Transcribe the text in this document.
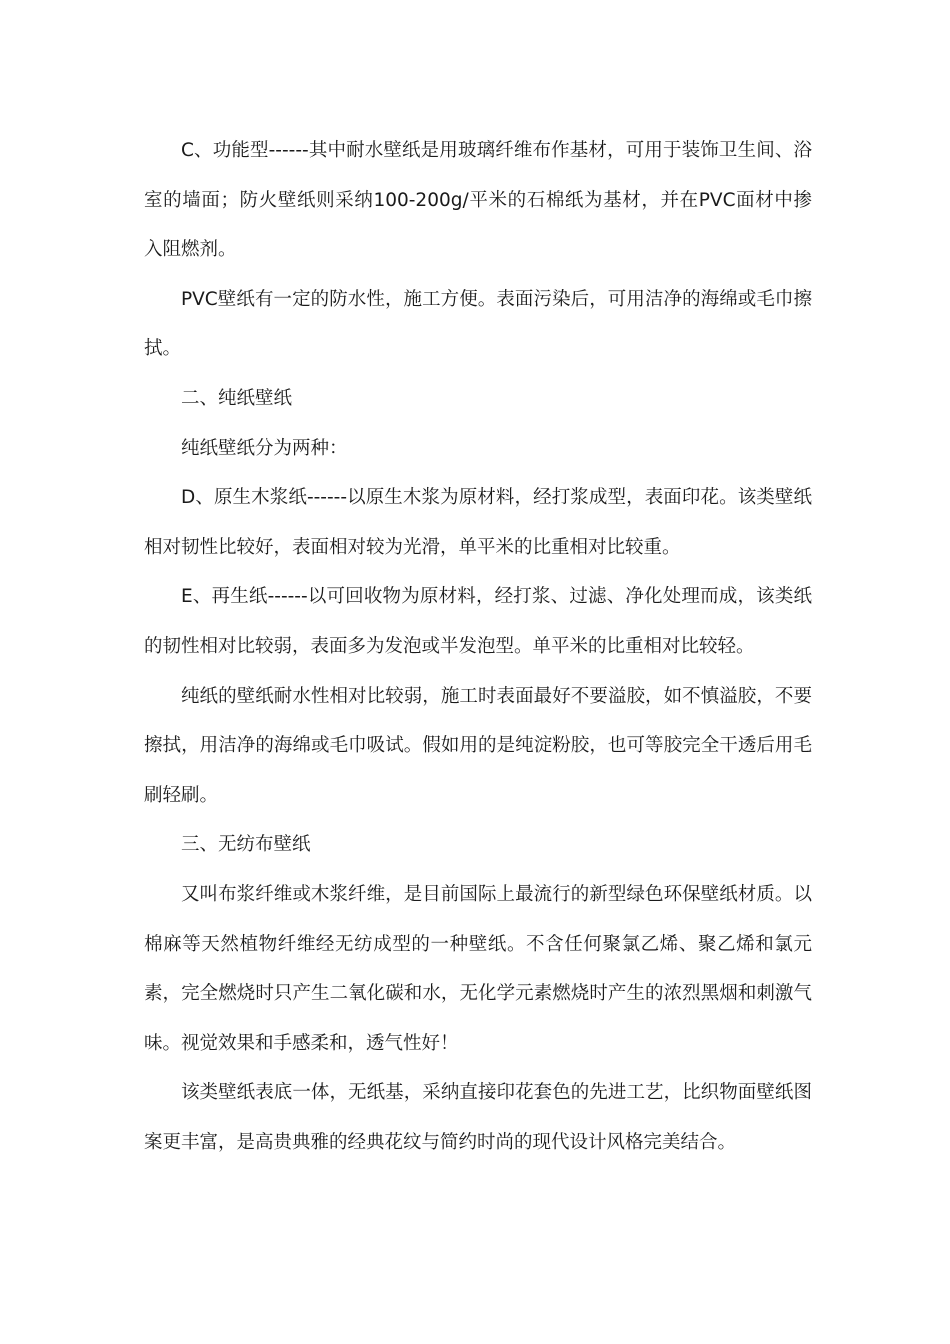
C、功能型------其中耐水壁纸是用玻璃纤维布作基材，可用于装饰卫生间、浴室的墙面；防火壁纸则采纳100-200g/平米的石棉纸为基材，并在PVC面材中掺入阻燃剂。

PVC壁纸有一定的防水性，施工方便。表面污染后，可用洁净的海绵或毛巾擦拭。

二、纯纸壁纸

纯纸壁纸分为两种：

D、原生木浆纸------以原生木浆为原材料，经打浆成型，表面印花。该类壁纸相对韧性比较好，表面相对较为光滑，单平米的比重相对比较重。

E、再生纸------以可回收物为原材料，经打浆、过滤、净化处理而成，该类纸的韧性相对比较弱，表面多为发泡或半发泡型。单平米的比重相对比较轻。

纯纸的壁纸耐水性相对比较弱，施工时表面最好不要溢胶，如不慎溢胶，不要擦拭，用洁净的海绵或毛巾吸试。假如用的是纯淀粉胶，也可等胶完全干透后用毛刷轻刷。

三、无纺布壁纸

又叫布浆纤维或木浆纤维，是目前国际上最流行的新型绿色环保壁纸材质。以棉麻等天然植物纤维经无纺成型的一种壁纸。不含任何聚氯乙烯、聚乙烯和氯元素，完全燃烧时只产生二氧化碳和水，无化学元素燃烧时产生的浓烈黑烟和刺激气味。视觉效果和手感柔和，透气性好！

该类壁纸表底一体，无纸基，采纳直接印花套色的先进工艺，比织物面壁纸图案更丰富，是高贵典雅的经典花纹与简约时尚的现代设计风格完美结合。
